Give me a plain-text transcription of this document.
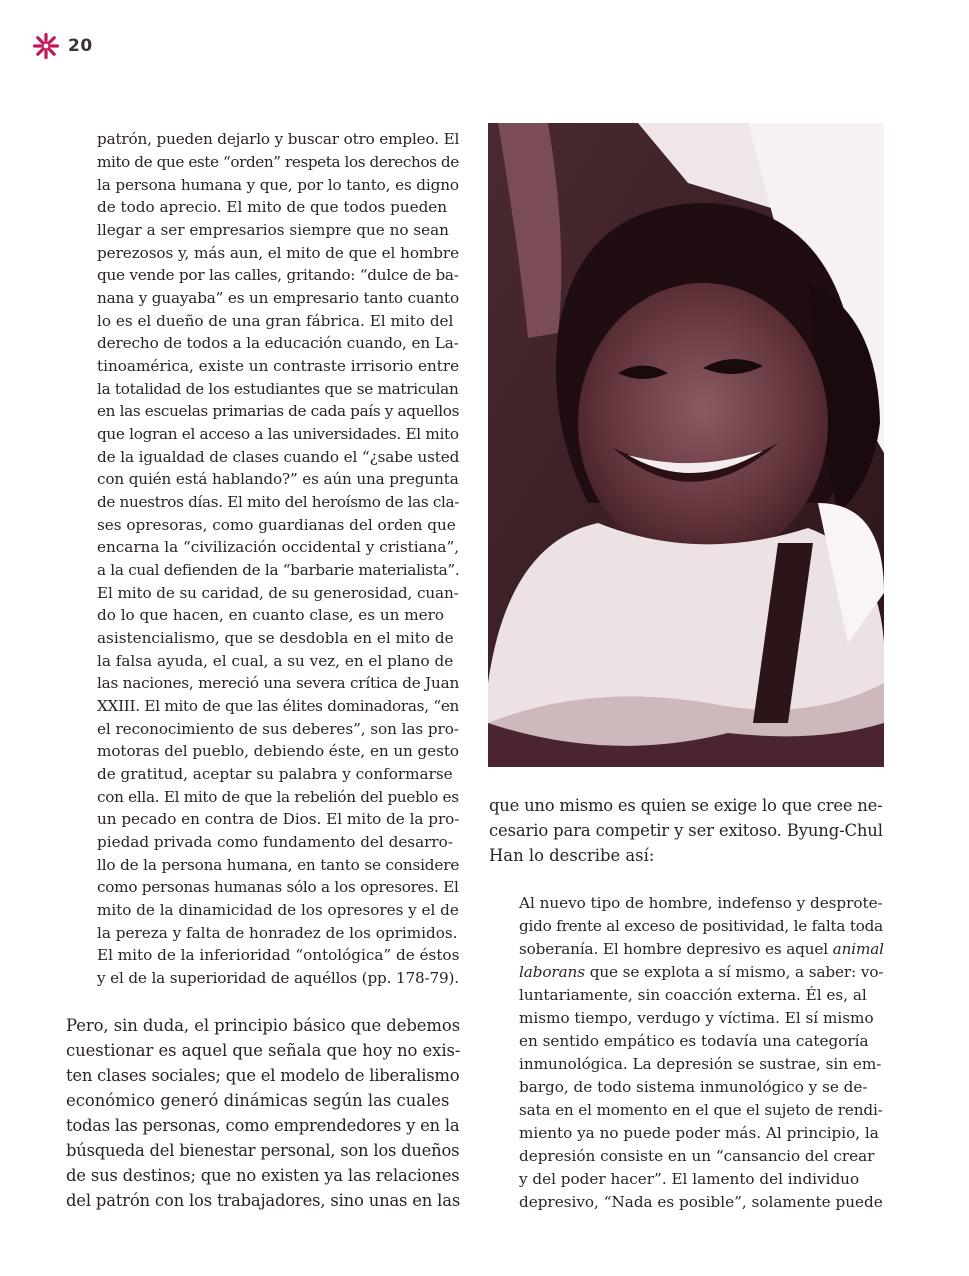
20
patrón, pueden dejarlo y buscar otro empleo. El
mito de que este “orden” respeta los derechos de
la persona humana y que, por lo tanto, es digno
de todo aprecio. El mito de que todos pueden
llegar a ser empresarios siempre que no sean
perezosos y, más aun, el mito de que el hombre
que vende por las calles, gritando: “dulce de ba-
nana y guayaba” es un empresario tanto cuanto
lo es el dueño de una gran fábrica. El mito del
derecho de todos a la educación cuando, en La-
tinoamérica, existe un contraste irrisorio entre
la totalidad de los estudiantes que se matriculan
en las escuelas primarias de cada país y aquellos
que logran el acceso a las universidades. El mito
de la igualdad de clases cuando el “¿sabe usted
con quién está hablando?” es aún una pregunta
de nuestros días. El mito del heroísmo de las cla-
ses opresoras, como guardianas del orden que
encarna la “civilización occidental y cristiana”,
a la cual defienden de la “barbarie materialista”.
El mito de su caridad, de su generosidad, cuan-
do lo que hacen, en cuanto clase, es un mero
asistencialismo, que se desdobla en el mito de
la falsa ayuda, el cual, a su vez, en el plano de
las naciones, mereció una severa crítica de Juan
XXIII. El mito de que las élites dominadoras, “en
el reconocimiento de sus deberes”, son las pro-
motoras del pueblo, debiendo éste, en un gesto
de gratitud, aceptar su palabra y conformarse
con ella. El mito de que la rebelión del pueblo es
un pecado en contra de Dios. El mito de la pro-
piedad privada como fundamento del desarro-
llo de la persona humana, en tanto se considere
como personas humanas sólo a los opresores. El
mito de la dinamicidad de los opresores y el de
la pereza y falta de honradez de los oprimidos.
El mito de la inferioridad “ontológica” de éstos
y el de la superioridad de aquéllos (pp. 178-79).
Pero, sin duda, el principio básico que debemos
cuestionar es aquel que señala que hoy no exis-
ten clases sociales; que el modelo de liberalismo
económico generó dinámicas según las cuales
todas las personas, como emprendedores y en la
búsqueda del bienestar personal, son los dueños
de sus destinos; que no existen ya las relaciones
del patrón con los trabajadores, sino unas en las
que uno mismo es quien se exige lo que cree ne-
cesario para competir y ser exitoso. Byung-Chul
Han lo describe así:
Al nuevo tipo de hombre, indefenso y desprote-
gido frente al exceso de positividad, le falta toda
soberanía. El hombre depresivo es aquel animal
laborans que se explota a sí mismo, a saber: vo-
luntariamente, sin coacción externa. Él es, al
mismo tiempo, verdugo y víctima. El sí mismo
en sentido empático es todavía una categoría
inmunológica. La depresión se sustrae, sin em-
bargo, de todo sistema inmunológico y se de-
sata en el momento en el que el sujeto de rendi-
miento ya no puede poder más. Al principio, la
depresión consiste en un “cansancio del crear
y del poder hacer”. El lamento del individuo
depresivo, “Nada es posible”, solamente puede
